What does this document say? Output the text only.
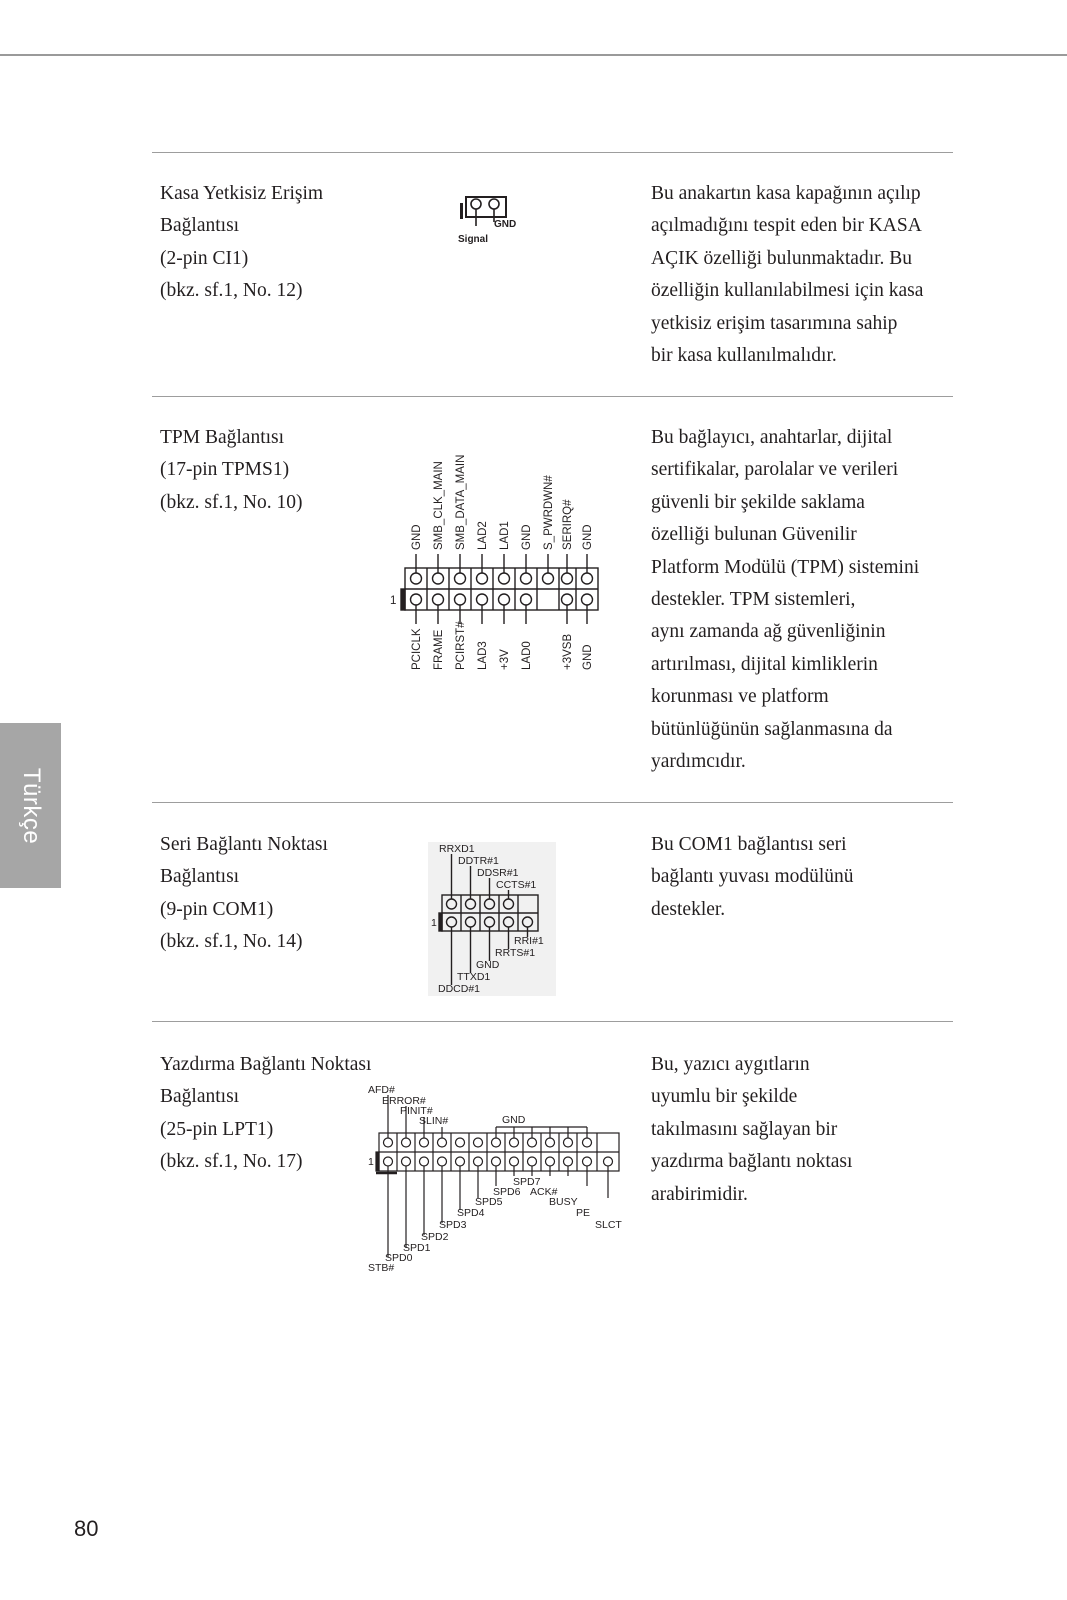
Türkçe
Kasa Yetkisiz Erişim
Bağlantısı
(2-pin CI1)
(bkz. sf.1, No. 12)
Bu anakartın kasa kapağının açılıp
açılmadığını tespit eden bir KASA
AÇIK özelliği bulunmaktadır. Bu
özelliğin kullanılabilmesi için kasa
yetkisiz erişim tasarımına sahip
bir kasa kullanılmalıdır.
GND
Signal
TPM Bağlantısı
(17-pin TPMS1)
(bkz. sf.1, No. 10)
Bu bağlayıcı, anahtarlar, dijital
sertifikalar, parolalar ve verileri
güvenli bir şekilde saklama
özelliği bulunan Güvenilir
Platform Modülü (TPM) sistemini
destekler. TPM sistemleri,
aynı zamanda ağ güvenliğinin
artırılması, dijital kimliklerin
korunması ve platform
bütünlüğünün sağlanmasına da
yardımcıdır.
1
GND SMB_CLK_MAIN SMB_DATA_MAIN LAD2 LAD1 GND S_PWRDWN# SERIRQ# GND
PCICLK FRAME PCIRST# LAD3 +3V LAD0	+3VSB GND
Seri Bağlantı Noktası
Bağlantısı
(9-pin COM1)
(bkz. sf.1, No. 14)
Bu COM1 bağlantısı seri
bağlantı yuvası modülünü
destekler.
1
RRXD1
DDTR#1
DDSR#1
CCTS#1
RRI#1
RRTS#1
GND
TTXD1
DDCD#1
Yazdırma Bağlantı Noktası
Bağlantısı
(25-pin LPT1)
(bkz. sf.1, No. 17)
Bu, yazıcı aygıtların
uyumlu bir şekilde
takılmasını sağlayan bir
yazdırma bağlantı noktası
arabirimidir.
1
AFD#
ERROR#
PINIT#
SLIN#	GND
SPD7
SPD6 ACK#
SPD5	BUSY
SPD4	PE
SPD3	SLCT
SPD2
SPD1
SPD0
STB#
80
